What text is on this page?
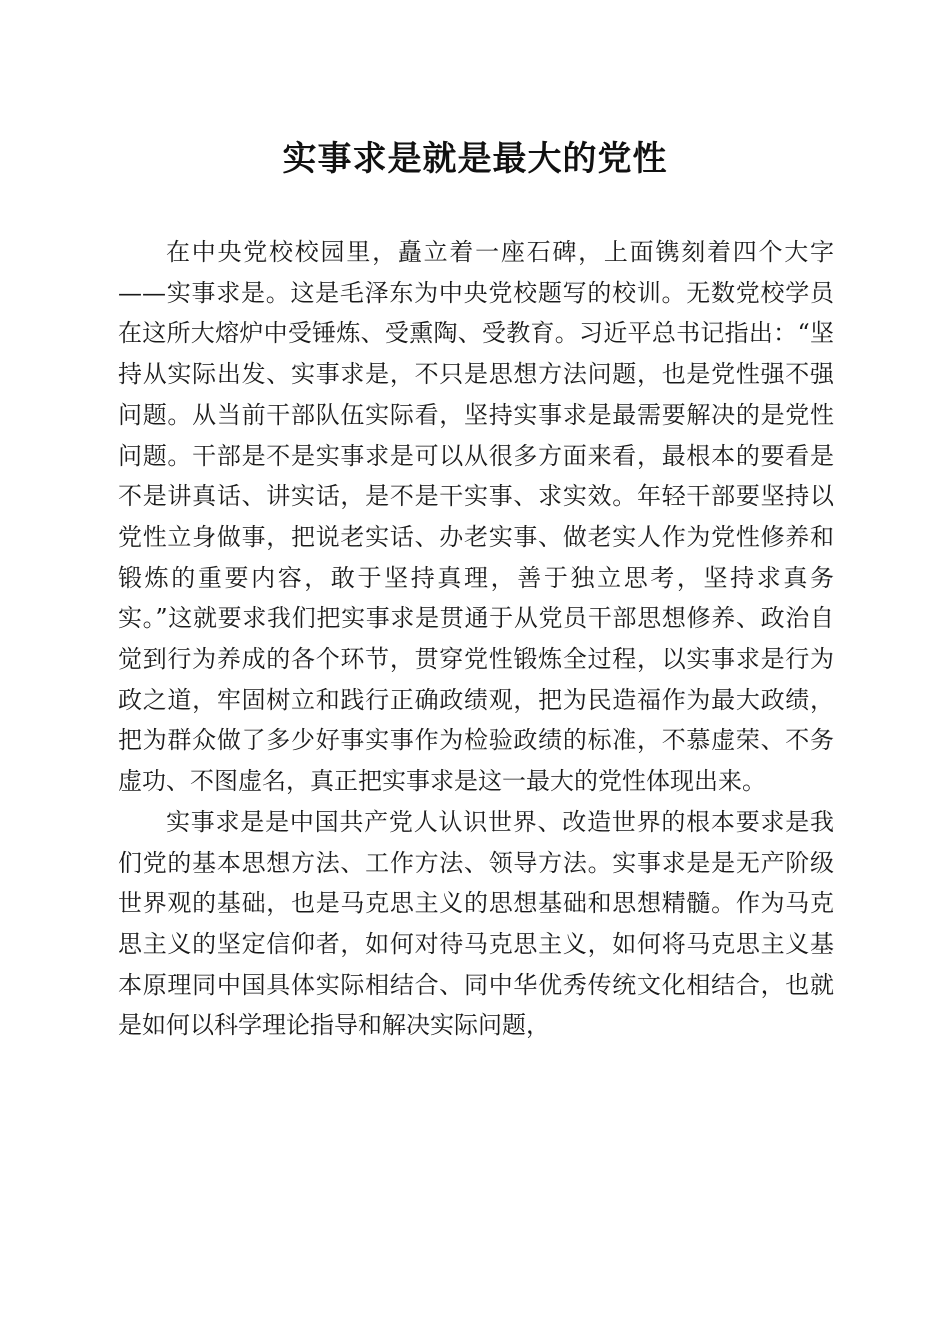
实事求是就是最大的党性

在中央党校校园里，矗立着一座石碑，上面镌刻着四个大字——实事求是。这是毛泽东为中央党校题写的校训。无数党校学员在这所大熔炉中受锤炼、受熏陶、受教育。习近平总书记指出：“坚持从实际出发、实事求是，不只是思想方法问题，也是党性强不强问题。从当前干部队伍实际看，坚持实事求是最需要解决的是党性问题。干部是不是实事求是可以从很多方面来看，最根本的要看是不是讲真话、讲实话，是不是干实事、求实效。年轻干部要坚持以党性立身做事，把说老实话、办老实事、做老实人作为党性修养和锻炼的重要内容，敢于坚持真理，善于独立思考，坚持求真务实。”这就要求我们把实事求是贯通于从党员干部思想修养、政治自觉到行为养成的各个环节，贯穿党性锻炼全过程，以实事求是行为政之道，牢固树立和践行正确政绩观，把为民造福作为最大政绩，把为群众做了多少好事实事作为检验政绩的标准，不慕虚荣、不务虚功、不图虚名，真正把实事求是这一最大的党性体现出来。

实事求是是中国共产党人认识世界、改造世界的根本要求是我们党的基本思想方法、工作方法、领导方法。实事求是是无产阶级世界观的基础，也是马克思主义的思想基础和思想精髓。作为马克思主义的坚定信仰者，如何对待马克思主义，如何将马克思主义基本原理同中国具体实际相结合、同中华优秀传统文化相结合，也就是如何以科学理论指导和解决实际问题，
